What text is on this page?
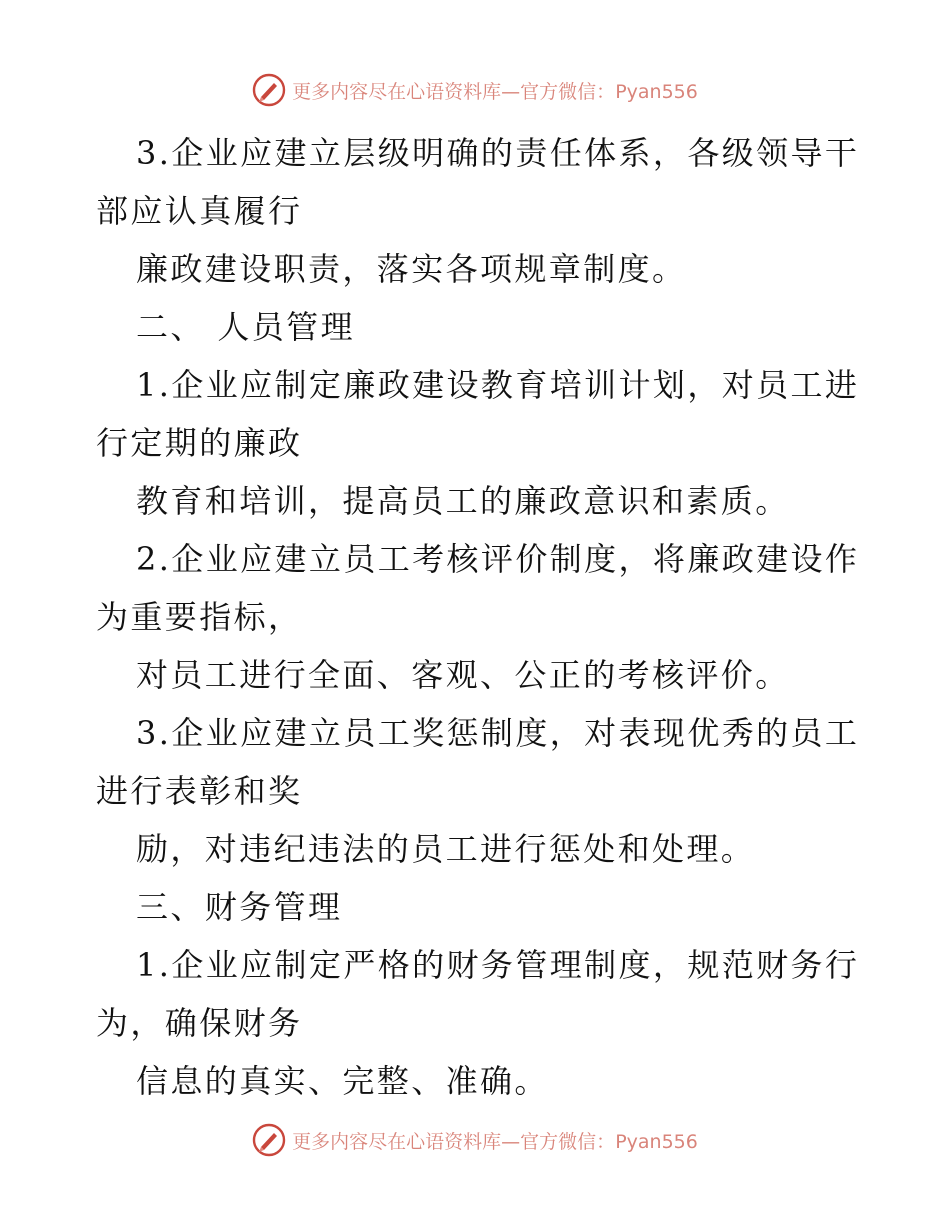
更多内容尽在心语资料库—官方微信：Pyan556
3.企业应建立层级明确的责任体系，各级领导干
部应认真履行
廉政建设职责，落实各项规章制度。
二、 人员管理
1.企业应制定廉政建设教育培训计划，对员工进
行定期的廉政
教育和培训，提高员工的廉政意识和素质。
2.企业应建立员工考核评价制度，将廉政建设作
为重要指标，
对员工进行全面、客观、公正的考核评价。
3.企业应建立员工奖惩制度，对表现优秀的员工
进行表彰和奖
励，对违纪违法的员工进行惩处和处理。
三、财务管理
1.企业应制定严格的财务管理制度，规范财务行
为，确保财务
信息的真实、完整、准确。
更多内容尽在心语资料库—官方微信：Pyan556
